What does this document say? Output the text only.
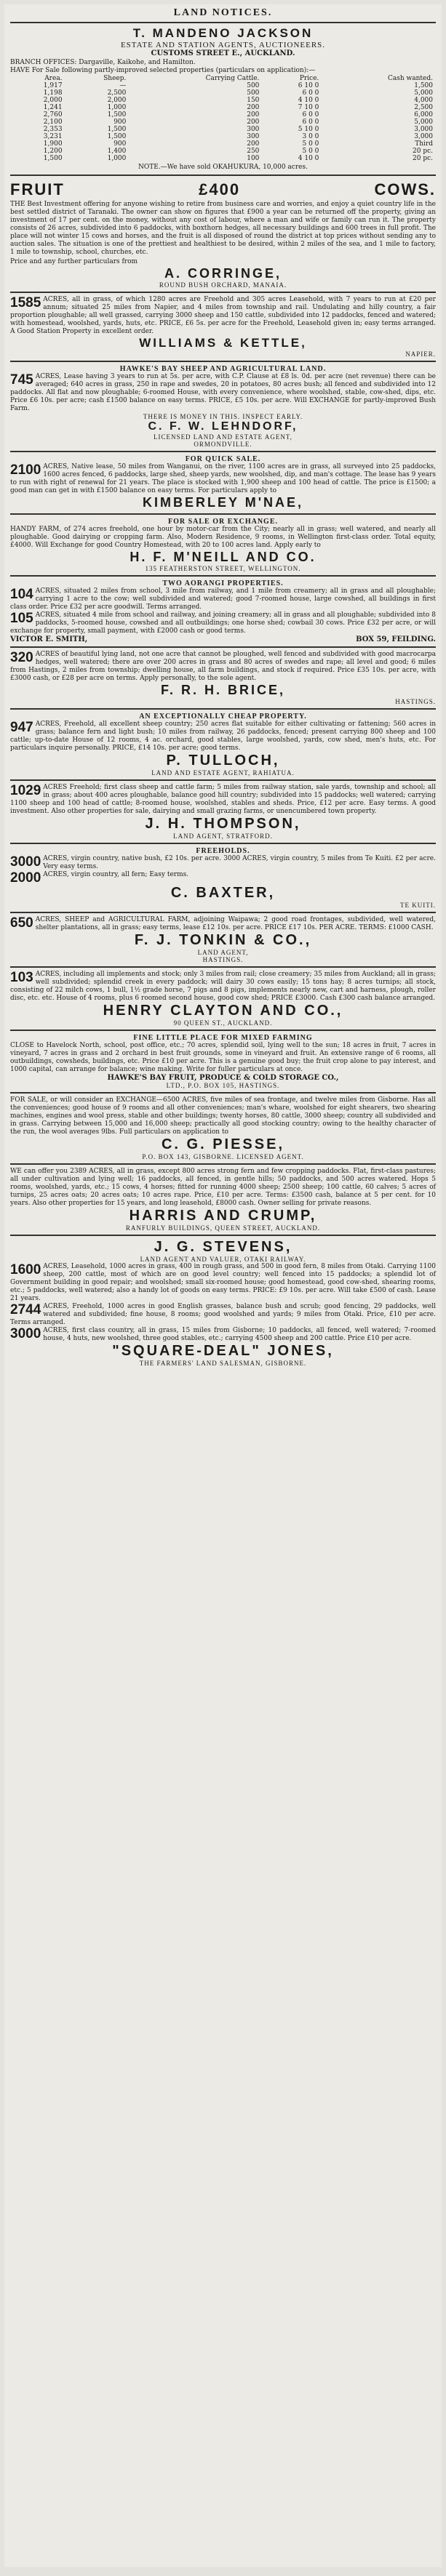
LAND NOTICES.
T. MANDENO JACKSON
ESTATE AND STATION AGENTS, AUCTIONEERS.
CUSTOMS STREET E., AUCKLAND.
BRANCH OFFICES: Dargaville, Kaikohe, and Hamilton.
HAVE For Sale following partly-improved selected properties (particulars on application):—
Area.	Sheep.	Carrying Cattle.	Price.	Cash wanted.
1,917	—	500	6 10 0	1,500
1,198	2,500	500	6 0 0	5,000
2,000	2,000	150	4 10 0	4,000
1,241	1,000	200	7 10 0	2,500
2,760	1,500	200	6 0 0	6,000
2,100	900	200	6 0 0	5,000
2,353	1,500	300	5 10 0	3,000
3,231	1,500	300	3 0 0	3,000
1,900	900	200	5 0 0	Third
1,200	1,400	250	5 0 0	20 pc.
1,500	1,000	100	4 10 0	20 pc.
NOTE.—We have sold OKAHUKURA, 10,000 acres.
FRUIT	£400	COWS.
THE Best Investment offering for anyone wishing to retire from business care and worries, and enjoy a quiet country life in the best settled district of Taranaki. The owner can show on figures that £900 a year can be returned off the property, giving an investment of 17 per cent. on the money, without any cost of labour, where a man and wife or family can run it. The property consists of 26 acres, subdivided into 6 paddocks, with boxthorn hedges, all necessary buildings and 600 trees in full profit. The place will not winter 15 cows and horses, and the fruit is all disposed of round the district at top prices without sending any to auction sales. The situation is one of the prettiest and healthiest to be desired, within 2 miles of the sea, and 1 mile to factory, 1 mile to township, school, churches, etc.
Price and any further particulars from
A. CORRINGE,
ROUND BUSH ORCHARD, MANAIA.
1585 ACRES, all in grass, of which 1280 acres are Freehold and 305 acres Leasehold, with 7 years to run at £20 per annum; situated 25 miles from Napier, and 4 miles from township and rail. Undulating and hilly country, a fair proportion ploughable; all well grassed, carrying 3000 sheep and 150 cattle, subdivided into 12 paddocks, fenced and watered; with homestead, woolshed, yards, huts, etc. PRICE, £6 5s. per acre for the Freehold, Leasehold given in; easy terms arranged. A Good Station Property in excellent order.
WILLIAMS & KETTLE,
NAPIER.
HAWKE'S BAY SHEEP AND AGRICULTURAL LAND.
745 ACRES, Lease having 3 years to run at 5s. per acre, with C.P. Clause at £8 ls. 0d. per acre (net revenue) there can be averaged; 640 acres in grass, 250 in rape and swedes, 20 in potatoes, 80 acres bush; all fenced and subdivided into 12 paddocks. All flat and now ploughable; 6-roomed House, with every convenience, where woolshed, stable, cow-shed, dips, etc. Price £6 10s. per acre; cash £1500 balance on easy terms. PRICE, £5 10s. per acre. Will EXCHANGE for partly-improved Bush Farm.
THERE IS MONEY IN THIS. INSPECT EARLY.
C. F. W. LEHNDORF,
LICENSED LAND AND ESTATE AGENT,
ORMONDVILLE.
FOR QUICK SALE.
2100 ACRES, Native lease, 50 miles from Wanganui, on the river, 1100 acres are in grass, all surveyed into 25 paddocks, 1600 acres fenced, 6 paddocks, large shed, sheep yards, new woolshed, dip, and man's cottage. The lease has 9 years to run with right of renewal for 21 years. The place is stocked with 1,900 sheep and 100 head of cattle. The price is £1500; a good man can get in with £1500 balance on easy terms. For particulars apply to
KIMBERLEY M'NAE,
FOR SALE OR EXCHANGE.
HANDY FARM, of 274 acres freehold, one hour by motor-car from the City; nearly all in grass; well watered, and nearly all ploughable. Good dairying or cropping farm. Also, Modern Residence, 9 rooms, in Wellington first-class order. Total equity, £4000. Will Exchange for good Country Homestead, with 20 to 100 acres land. Apply early to
H. F. M'NEILL AND CO.
135 FEATHERSTON STREET, WELLINGTON.
TWO AORANGI PROPERTIES.
104 ACRES, situated 2 miles from school, 3 mile from railway, and 1 mile from creamery; all in grass and all ploughable; carrying 1 acre to the cow; well subdivided and watered; good 7-roomed house, large cowshed, all buildings in first class order. Price £32 per acre goodwill. Terms arranged.
105 ACRES, situated 4 mile from school and railway, and joining creamery; all in grass and all ploughable; subdivided into 8 paddocks, 5-roomed house, cowshed and all outbuildings; one horse shed; cowbail 30 cows. Price £32 per acre, or will exchange for property, small payment, with £2000 cash or good terms.
VICTOR E. SMITH,	BOX 59, FEILDING.
320 ACRES of beautiful lying land, not one acre that cannot be ploughed, well fenced and subdivided with good macrocarpa hedges, well watered; there are over 200 acres in grass and 80 acres of swedes and rape; all level and good; 6 miles from Hastings, 2 miles from township; dwelling house, all farm buildings, and stock if required. Price £35 10s. per acre, with £3000 cash, or £28 per acre on terms. Apply personally, to the sole agent.
F. R. H. BRICE,
HASTINGS.
AN EXCEPTIONALLY CHEAP PROPERTY.
947 ACRES, Freehold, all excellent sheep country; 250 acres flat suitable for either cultivating or fattening; 560 acres in grass; balance fern and light bush; 10 miles from railway, 26 paddocks, fenced; present carrying 800 sheep and 100 cattle; up-to-date House of 12 rooms, 4 ac. orchard, good stables, large woolshed, yards, cow shed, men's huts, etc. For particulars inquire personally. PRICE, £14 10s. per acre; good terms.
P. TULLOCH,
LAND AND ESTATE AGENT, RAHIATUA.
1029 ACRES Freehold; first class sheep and cattle farm; 5 miles from railway station, sale yards, township and school; all in grass; about 400 acres ploughable, balance good hill country; subdivided into 15 paddocks; well watered; carrying 1100 sheep and 100 head of cattle; 8-roomed house, woolshed, stables and sheds. Price, £12 per acre. Easy terms. A good investment. Also other properties for sale, dairying and small grazing farms, or unencumbered town property.
J. H. THOMPSON,
LAND AGENT, STRATFORD.
FREEHOLDS.
3000 ACRES, virgin country, native bush, £2 10s. per acre. 3000 ACRES, virgin country, 5 miles from Te Kuiti. £2 per acre. Very easy terms.
2000 ACRES, virgin country, all fern; Easy terms.
C. BAXTER,
TE KUITI.
650 ACRES, SHEEP and AGRICULTURAL FARM, adjoining Waipawa; 2 good road frontages, subdivided, well watered, shelter plantations, all in grass; easy terms, lease £12 10s. per acre. PRICE £17 10s. PER ACRE. TERMS: £1000 CASH.
F. J. TONKIN & CO.,
LAND AGENT,
HASTINGS.
103 ACRES, including all implements and stock; only 3 miles from rail; close creamery; 35 miles from Auckland; all in grass; well subdivided; splendid creek in every paddock; will dairy 30 cows easily; 15 tons hay; 8 acres turnips; all stock, consisting of 22 milch cows, 1 bull, 1½ grade horse, 7 pigs and 8 pigs, implements nearly new, cart and harness, plough, roller disc, etc. etc. House of 4 rooms, plus 6 roomed second house, good cow shed; PRICE £3000. Cash £300 cash balance arranged.
HENRY CLAYTON AND CO.,
90 QUEEN ST., AUCKLAND.
FINE LITTLE PLACE FOR MIXED FARMING
CLOSE to Havelock North, school, post office, etc.; 70 acres, splendid soil, lying well to the sun; 18 acres in fruit, 7 acres in vineyard, 7 acres in grass and 2 orchard in best fruit grounds, some in vineyard and fruit. An extensive range of 6 rooms, all outbuildings, cowsheds, buildings, etc. Price £10 per acre. This is a genuine good buy; the fruit crop alone to pay interest, and 1000 capital, can arrange for balance; wine making. Write for fuller particulars at once.
HAWKE'S BAY FRUIT, PRODUCE & COLD STORAGE CO.,
LTD., P.O. BOX 105, HASTINGS.
FOR SALE, or will consider an EXCHANGE—6500 ACRES, five miles of sea frontage, and twelve miles from Gisborne. Has all the conveniences; good house of 9 rooms and all other conveniences; man's whare, woolshed for eight shearers, two shearing machines, engines and wool press, stable and other buildings; twenty horses, 80 cattle, 3000 sheep; country all subdivided and in grass. Carrying between 15,000 and 16,000 sheep; practically all good stocking country; owing to the healthy character of the run, the wool averages 9lbs. Full particulars on application to
C. G. PIESSE,
P.O. BOX 143, GISBORNE. LICENSED AGENT.
WE can offer you 2389 ACRES, all in grass, except 800 acres strong fern and few cropping paddocks. Flat, first-class pastures; all under cultivation and lying well; 16 paddocks, all fenced, in gentle hills; 50 paddocks, and 500 acres watered. Hops 5 rooms, woolshed, yards, etc.; 15 cows, 4 horses; fitted for running 4000 sheep; 2500 sheep; 100 cattle, 60 calves; 5 acres of turnips, 25 acres oats; 20 acres oats; 10 acres rape. Price, £10 per acre. Terms: £3500 cash, balance at 5 per cent. for 10 years. Also other properties for 15 years, and long leasehold, £8000 cash. Owner selling for private reasons.
HARRIS AND CRUMP,
RANFURLY BUILDINGS, QUEEN STREET, AUCKLAND.
J. G. STEVENS,
LAND AGENT AND VALUER, OTAKI RAILWAY.
1600 ACRES, Leasehold, 1000 acres in grass, 400 in rough grass, and 500 in good fern, 8 miles from Otaki. Carrying 1100 sheep, 200 cattle, most of which are on good level country; well fenced into 15 paddocks; a splendid lot of Government building in good repair; and woolshed; small six-roomed house; good homestead, good cow-shed, shearing rooms, etc.; 5 paddocks, well watered; also a handy lot of goods on easy terms. PRICE: £9 10s. per acre. Will take £500 of cash. Lease 21 years.
2744 ACRES, Freehold, 1000 acres in good English grasses, balance bush and scrub; good fencing, 29 paddocks, well watered and subdivided; fine house, 8 rooms; good woolshed and yards; 9 miles from Otaki. Price, £10 per acre. Terms arranged.
3000 ACRES, first class country, all in grass, 15 miles from Gisborne; 10 paddocks, all fenced, well watered; 7-roomed house, 4 huts, new woolshed, three good stables, etc.; carrying 4500 sheep and 200 cattle. Price £10 per acre.
"SQUARE-DEAL" JONES,
THE FARMERS' LAND SALESMAN, GISBORNE.
